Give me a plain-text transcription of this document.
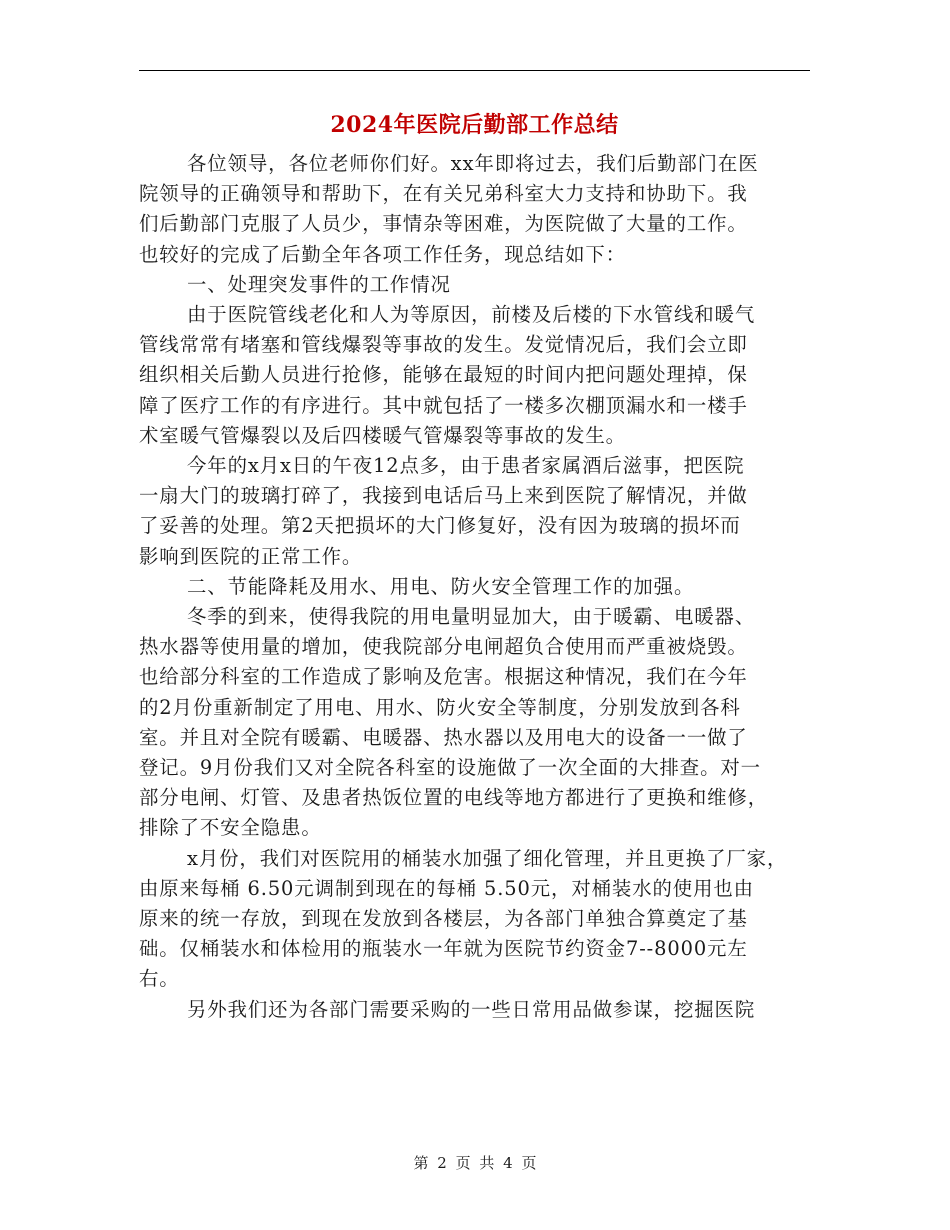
2024年医院后勤部工作总结
各位领导，各位老师你们好。xx年即将过去，我们后勤部门在医
院领导的正确领导和帮助下，在有关兄弟科室大力支持和协助下。我
们后勤部门克服了人员少，事情杂等困难，为医院做了大量的工作。
也较好的完成了后勤全年各项工作任务，现总结如下：
一、处理突发事件的工作情况
由于医院管线老化和人为等原因，前楼及后楼的下水管线和暖气
管线常常有堵塞和管线爆裂等事故的发生。发觉情况后，我们会立即
组织相关后勤人员进行抢修，能够在最短的时间内把问题处理掉，保
障了医疗工作的有序进行。其中就包括了一楼多次棚顶漏水和一楼手
术室暖气管爆裂以及后四楼暖气管爆裂等事故的发生。
今年的x月x日的午夜12点多，由于患者家属酒后滋事，把医院
一扇大门的玻璃打碎了，我接到电话后马上来到医院了解情况，并做
了妥善的处理。第2天把损坏的大门修复好，没有因为玻璃的损坏而
影响到医院的正常工作。
二、节能降耗及用水、用电、防火安全管理工作的加强。
冬季的到来，使得我院的用电量明显加大，由于暖霸、电暖器、
热水器等使用量的增加，使我院部分电闸超负合使用而严重被烧毁。
也给部分科室的工作造成了影响及危害。根据这种情况，我们在今年
的2月份重新制定了用电、用水、防火安全等制度，分别发放到各科
室。并且对全院有暖霸、电暖器、热水器以及用电大的设备一一做了
登记。9月份我们又对全院各科室的设施做了一次全面的大排查。对一
部分电闸、灯管、及患者热饭位置的电线等地方都进行了更换和维修，
排除了不安全隐患。
x月份，我们对医院用的桶装水加强了细化管理，并且更换了厂家，
由原来每桶 6.50元调制到现在的每桶 5.50元，对桶装水的使用也由
原来的统一存放，到现在发放到各楼层，为各部门单独合算奠定了基
础。仅桶装水和体检用的瓶装水一年就为医院节约资金7--8000元左
右。
另外我们还为各部门需要采购的一些日常用品做参谋，挖掘医院
第 2 页 共 4 页
